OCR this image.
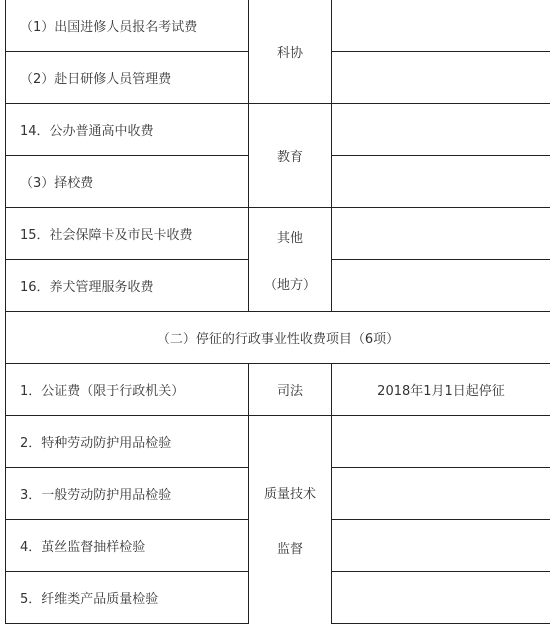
（1）出国进修人员报名考试费	科协	
（2）赴日研修人员管理费		
14．公办普通高中收费	教育	
（3）择校费		
15．社会保障卡及市民卡收费	其他
（地方）	

16．养犬管理服务收费		
（二）停征的行政事业性收费项目（6项）		
1．公证费（限于行政机关）	司法	2018年1月1日起停征
2．特种劳动防护用品检验	质量技术
监督	

3．一般劳动防护用品检验		
4．茧丝监督抽样检验		
5．纤维类产品质量检验		
